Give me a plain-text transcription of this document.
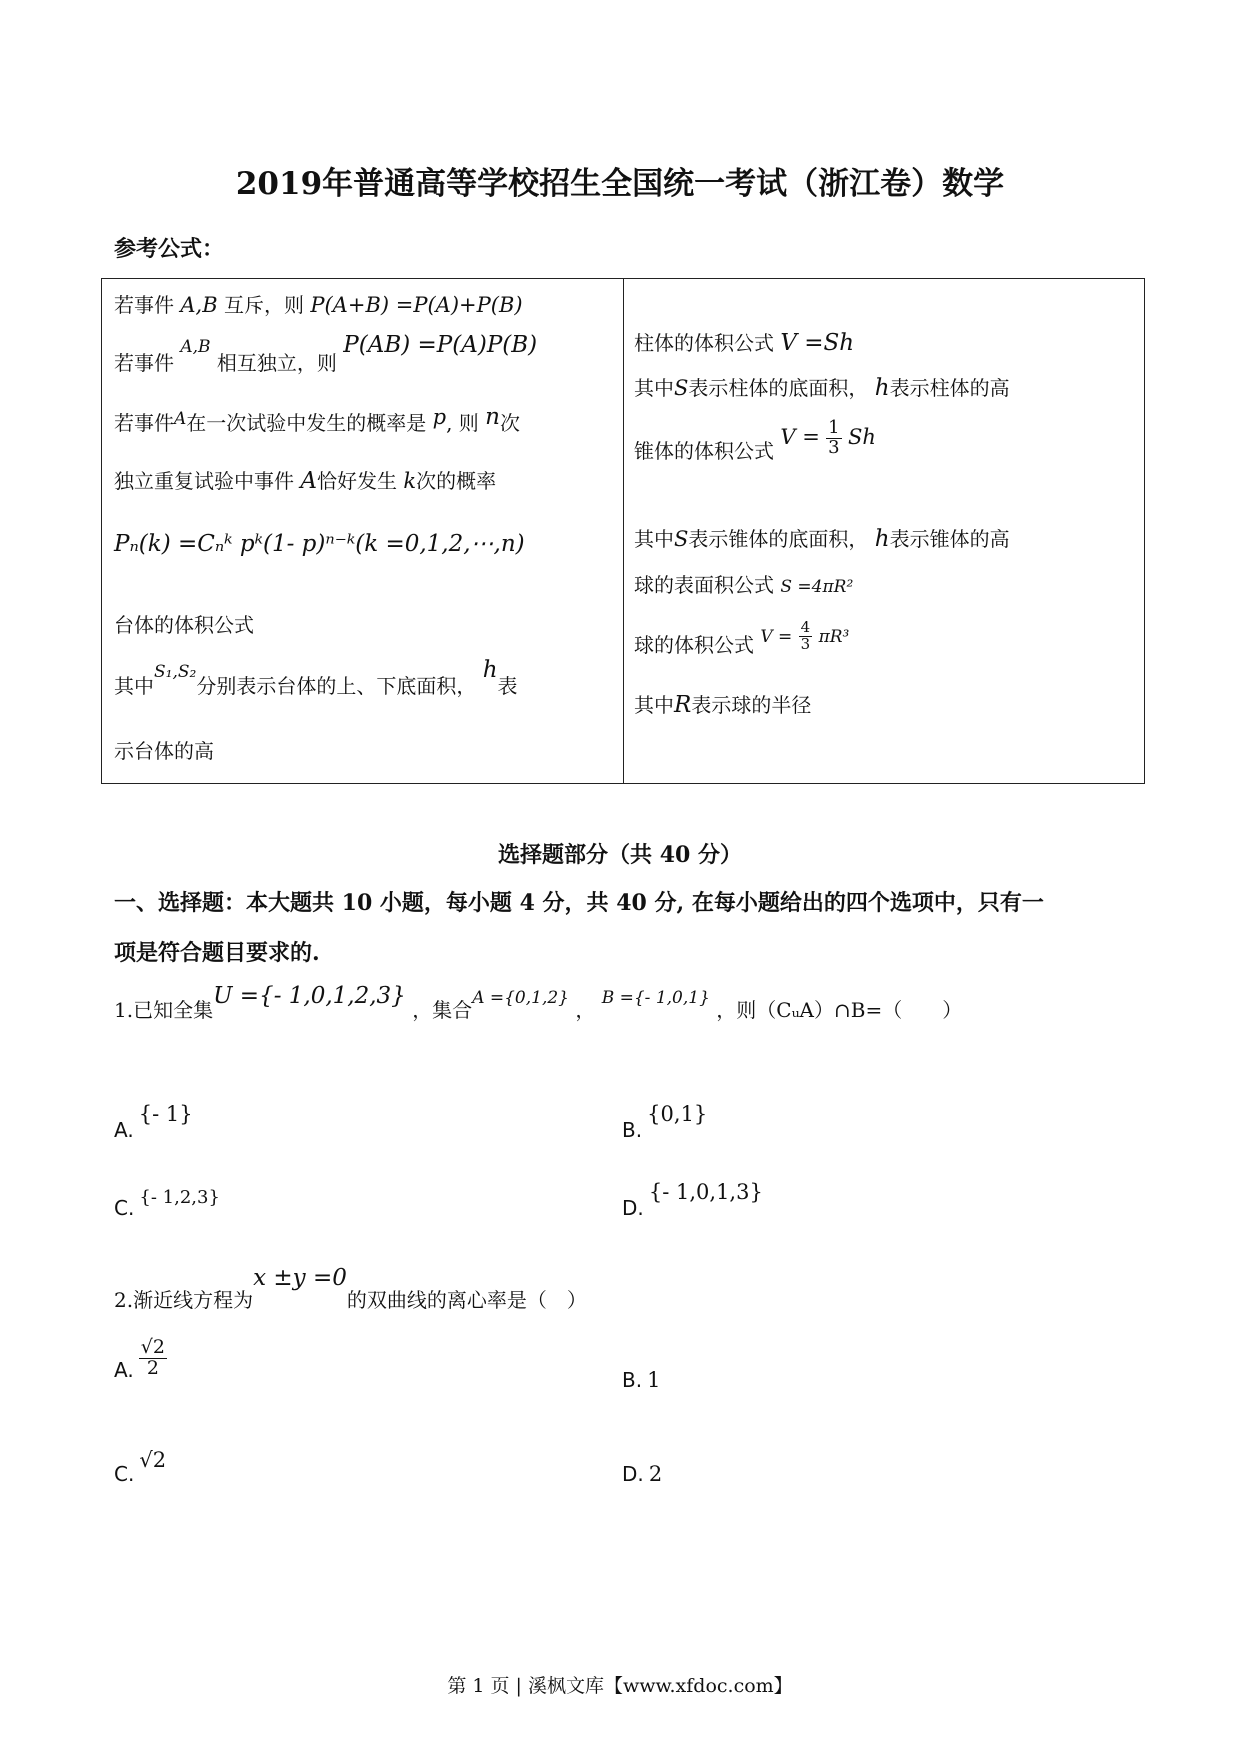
2019年普通高等学校招生全国统一考试（浙江卷）数学
参考公式：
若事件 A,B 互斥，则 P(A+B) =P(A)+P(B)
若事件 A,B 相互独立，则 P(AB) =P(A)P(B)
若事件$^A$在一次试验中发生的概率是 p, 则 n次
独立重复试验中事件 A恰好发生 k次的概率
Pₙ(k) =Cₙᵏ pᵏ(1- p)ⁿ⁻ᵏ(k =0,1,2,⋯,n)
台体的体积公式
其中S₁,S₂分别表示台体的上、下底面积， h表
示台体的高
柱体的体积公式 V =Sh
其中S表示柱体的底面积， h表示柱体的高
锥体的体积公式 $V = \frac{1}{3}$ Sh
其中S表示锥体的底面积， h表示锥体的高
球的表面积公式 S =4πR²
球的体积公式 $V = \frac{4}{3} \pi R^3$
其中R表示球的半径
选择题部分（共 40 分）
一、选择题：本大题共 10 小题，每小题 4 分，共 40 分, 在每小题给出的四个选项中，只有一
项是符合题目要求的.
1.已知全集U ={- 1,0,1,2,3} ，集合A ={0,1,2} ， B ={- 1,0,1} ，则（CᵤA）∩B=（　　）
A. {- 1}
B. {0,1}
C. {- 1,2,3}	D. {- 1,0,1,3}
2.渐近线方程为x ±y =0的双曲线的离心率是（　）
A. $\frac{√2}{2}$
B. 1
C. √2
D. 2
第 1 页 | 溪枫文库【www.xfdoc.com】
